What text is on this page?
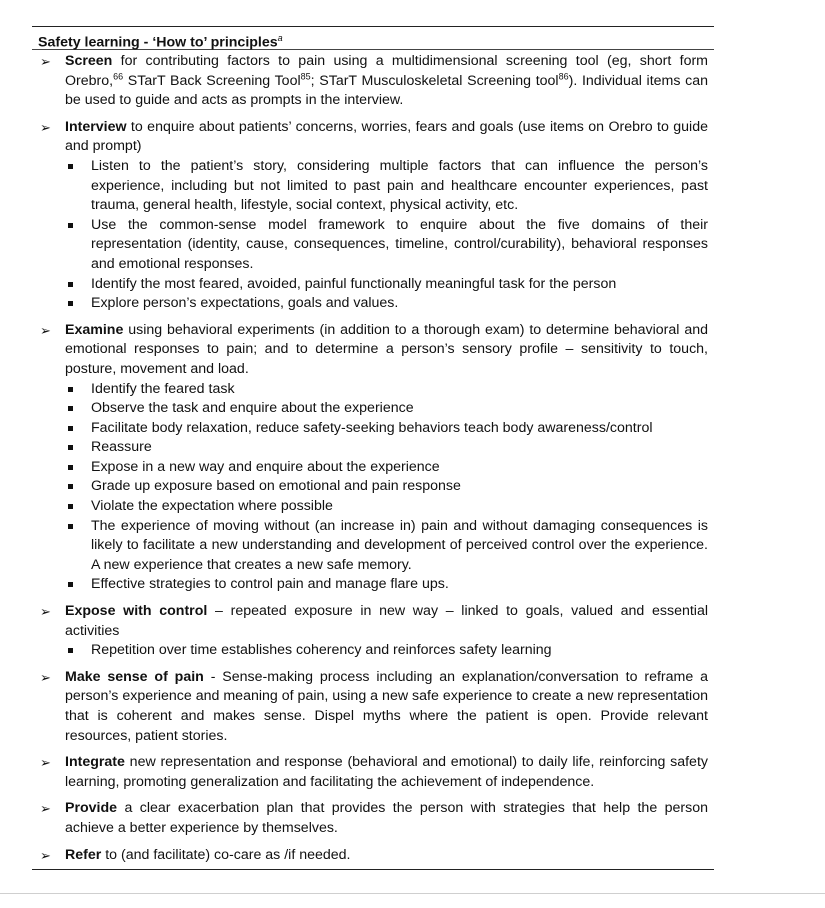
Safety learning - ‘How to’ principles$^a$
➢ Screen for contributing factors to pain using a multidimensional screening tool (eg, short form Orebro,$^{66}$ STarT Back Screening Tool$^{85}$; STarT Musculoskeletal Screening tool$^{86}$). Individual items can be used to guide and acts as prompts in the interview.
➢ Interview to enquire about patients’ concerns, worries, fears and goals (use items on Orebro to guide and prompt)
Listen to the patient’s story, considering multiple factors that can influence the person’s experience, including but not limited to past pain and healthcare encounter experiences, past trauma, general health, lifestyle, social context, physical activity, etc.
Use the common-sense model framework to enquire about the five domains of their representation (identity, cause, consequences, timeline, control/curability), behavioral responses and emotional responses.
Identify the most feared, avoided, painful functionally meaningful task for the person
Explore person’s expectations, goals and values.
➢ Examine using behavioral experiments (in addition to a thorough exam) to determine behavioral and emotional responses to pain; and to determine a person’s sensory profile – sensitivity to touch, posture, movement and load.
Identify the feared task
Observe the task and enquire about the experience
Facilitate body relaxation, reduce safety-seeking behaviors teach body awareness/control
Reassure
Expose in a new way and enquire about the experience
Grade up exposure based on emotional and pain response
Violate the expectation where possible
The experience of moving without (an increase in) pain and without damaging consequences is likely to facilitate a new understanding and development of perceived control over the experience. A new experience that creates a new safe memory.
Effective strategies to control pain and manage flare ups.
➢ Expose with control – repeated exposure in new way – linked to goals, valued and essential activities
Repetition over time establishes coherency and reinforces safety learning
➢ Make sense of pain - Sense-making process including an explanation/conversation to reframe a person’s experience and meaning of pain, using a new safe experience to create a new representation that is coherent and makes sense. Dispel myths where the patient is open. Provide relevant resources, patient stories.
➢ Integrate new representation and response (behavioral and emotional) to daily life, reinforcing safety learning, promoting generalization and facilitating the achievement of independence.
➢ Provide a clear exacerbation plan that provides the person with strategies that help the person achieve a better experience by themselves.
➢ Refer to (and facilitate) co-care as /if needed.
